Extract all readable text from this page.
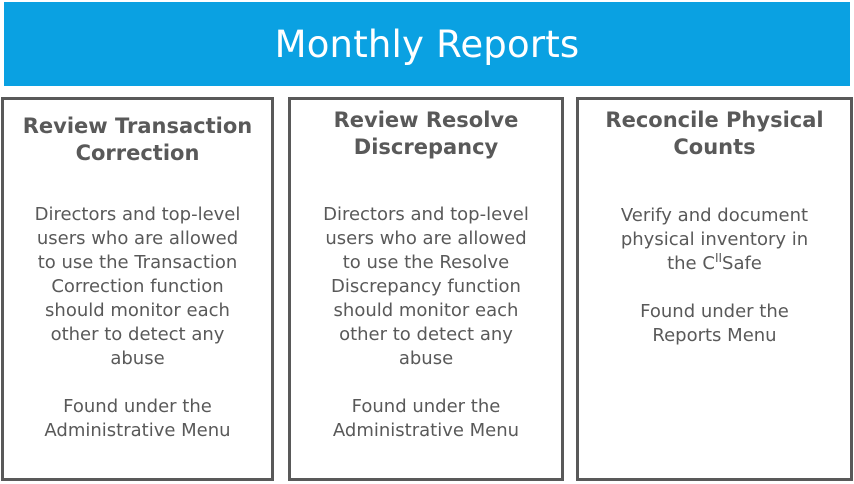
Monthly Reports
Review Transaction
Correction
Directors and top-level
users who are allowed
to use the Transaction
Correction function
should monitor each
other to detect any
abuse
Found under the
Administrative Menu
Review Resolve
Discrepancy
Directors and top-level
users who are allowed
to use the Resolve
Discrepancy function
should monitor each
other to detect any
abuse
Found under the
Administrative Menu
Reconcile Physical
Counts
Verify and document
physical inventory in
the $C^{II}Safe$
Found under the
Reports Menu
